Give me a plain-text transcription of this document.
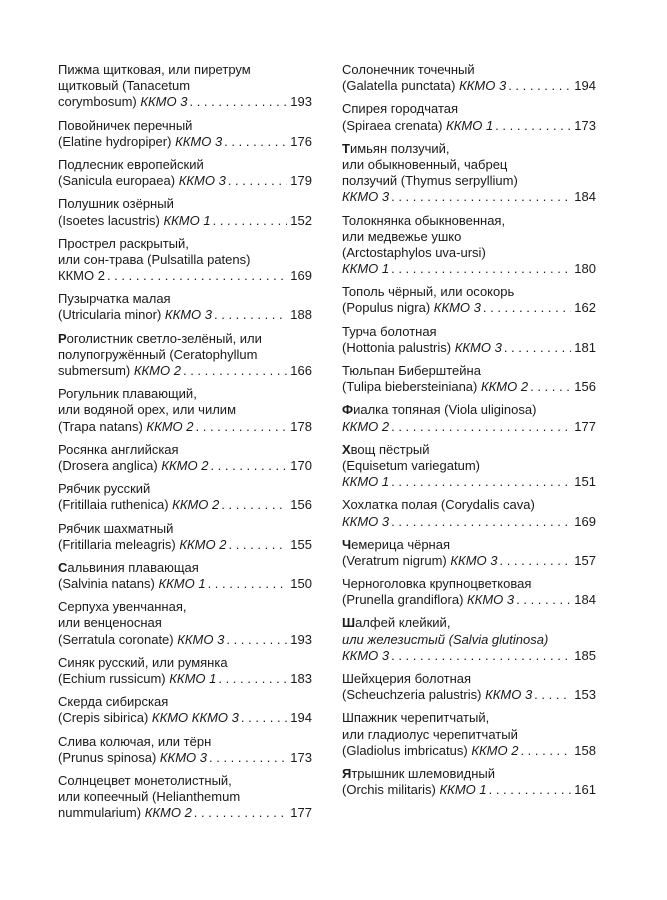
Пижма щитковая, или пиретрум
щитковый (Tanacetum
corymbosum) ККМО 3 . . .	193
Повойничек перечный
(Elatine hydropiper) ККМО 3 . . .	176
Подлесник европейский
(Sanicula europaea) ККМО 3 . . .	179
Полушник озёрный
(Isoetes lacustris) ККМО 1 . . .	152
Прострел раскрытый,
или сон-трава (Pulsatilla patens)
ККМО 2 . . .	169
Пузырчатка малая
(Utricularia minor) ККМО 3 . . .	188
Роголистник светло-зелёный, или
полупогружённый (Ceratophyllum
submersum) ККМО 2 . . .	166
Рогульник плавающий,
или водяной орех, или чилим
(Trapa natans) ККМО 2 . . .	178
Росянка английская
(Drosera anglica) ККМО 2 . . .	170
Рябчик русский
(Fritillaia ruthenica) ККМО 2 . . .	156
Рябчик шахматный
(Fritillaria meleagris) ККМО 2 . . .	155
Сальвиния плавающая
(Salvinia natans) ККМО 1 . . .	150
Серпуха увенчанная,
или венценосная
(Serratula coronate) ККМО 3 . . .	193
Синяк русский, или румянка
(Echium russicum) ККМО 1 . . .	183
Скерда сибирская
(Crepis sibirica) ККМО ККМО 3 . . .	194
Слива колючая, или тёрн
(Prunus spinosa) ККМО 3 . . .	173
Солнцецвет монетолистный,
или копеечный (Helianthemum
nummularium) ККМО 2 . . .	177
Солонечник точечный
(Galatella punctata) ККМО 3 . . .	194
Спирея городчатая
(Spiraea crenata) ККМО 1 . . .	173
Тимьян ползучий,
или обыкновенный, чабрец
ползучий (Thymus serpyllium)
ККМО 3 . . .	184
Толокнянка обыкновенная,
или медвежье ушко
(Arctostaphylos uva-ursi)
ККМО 1 . . .	180
Тополь чёрный, или осокорь
(Populus nigra) ККМО 3 . . .	162
Турча болотная
(Hottonia palustris) ККМО 3 . . .	181
Тюльпан Биберштейна
(Tulipa biebersteiniana) ККМО 2 . . .	156
Фиалка топяная (Viola uliginosa)
ККМО 2 . . .	177
Хвощ пёстрый
(Equisetum variegatum)
ККМО 1 . . .	151
Хохлатка полая (Corydalis cava)
ККМО 3 . . .	169
Чемерица чёрная
(Veratrum nigrum) ККМО 3 . . .	157
Черноголовка крупноцветковая
(Prunella grandiflora) ККМО 3 . . .	184
Шалфей клейкий,
или железистый (Salvia glutinosa)
ККМО 3 . . .	185
Шейхцерия болотная
(Scheuchzeria palustris) ККМО 3 . . .	153
Шпажник черепитчатый,
или гладиолус черепитчатый
(Gladiolus imbricatus) ККМО 2 . . .	158
Ятрышник шлемовидный
(Orchis militaris) ККМО 1 . . .	161
